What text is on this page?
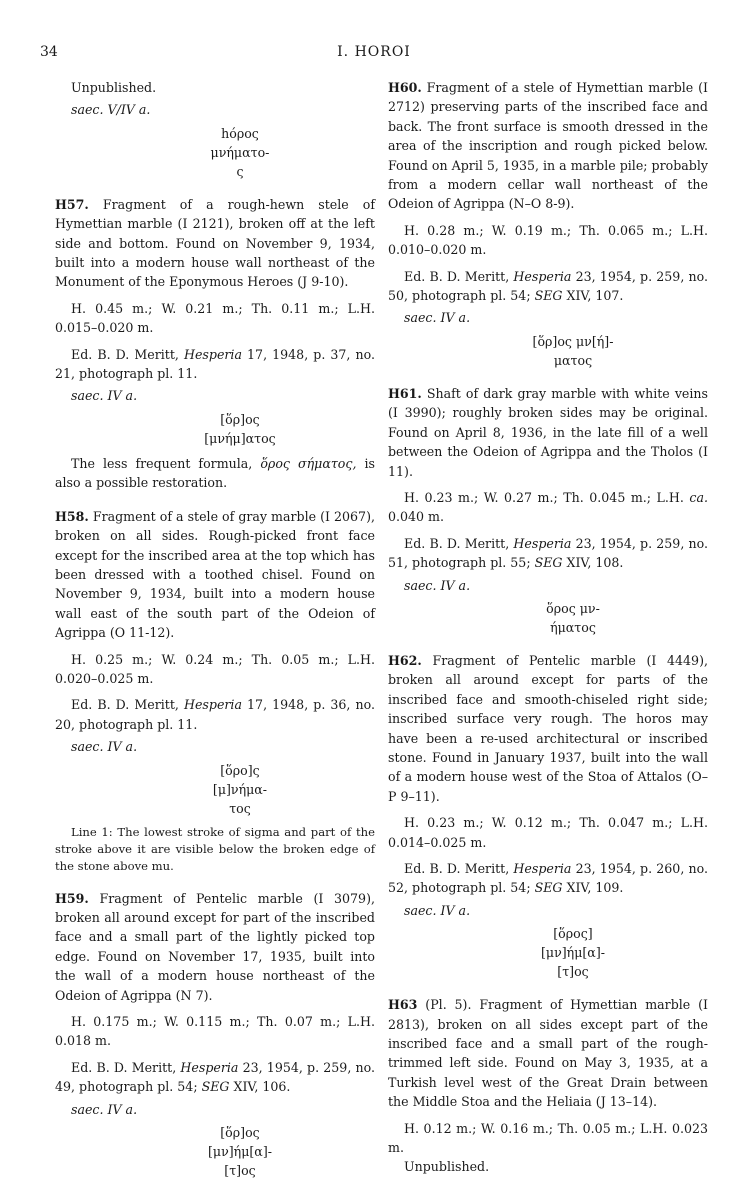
34	I. HOROI

Unpublished.

saec. V/IV a.

hόρος
μνήματο-
ς

H57. Fragment of a rough-hewn stele of Hymettian marble (I 2121), broken off at the left side and bottom. Found on November 9, 1934, built into a modern house wall northeast of the Monument of the Eponymous Heroes (J 9-10).

H. 0.45 m.; W. 0.21 m.; Th. 0.11 m.; L.H. 0.015–0.020 m.

Ed. B. D. Meritt, Hesperia 17, 1948, p. 37, no. 21, photograph pl. 11.

saec. IV a.

[ὅρ]ος
[μνήμ]ατος

The less frequent formula, ὅρος σήματος, is also a possible restoration.

H58. Fragment of a stele of gray marble (I 2067), broken on all sides. Rough-picked front face except for the inscribed area at the top which has been dressed with a toothed chisel. Found on November 9, 1934, built into a modern house wall east of the south part of the Odeion of Agrippa (O 11-12).

H. 0.25 m.; W. 0.24 m.; Th. 0.05 m.; L.H. 0.020–0.025 m.

Ed. B. D. Meritt, Hesperia 17, 1948, p. 36, no. 20, photograph pl. 11.

saec. IV a.

[ὅρο]ς
[μ]νήμα-
τος

Line 1: The lowest stroke of sigma and part of the stroke above it are visible below the broken edge of the stone above mu.

H59. Fragment of Pentelic marble (I 3079), broken all around except for part of the inscribed face and a small part of the lightly picked top edge. Found on November 17, 1935, built into the wall of a modern house northeast of the Odeion of Agrippa (N 7).

H. 0.175 m.; W. 0.115 m.; Th. 0.07 m.; L.H. 0.018 m.

Ed. B. D. Meritt, Hesperia 23, 1954, p. 259, no. 49, photograph pl. 54; SEG XIV, 106.

saec. IV a.

[ὅρ]ος
[μν]ήμ[α]-
[τ]ος

H60. Fragment of a stele of Hymettian marble (I 2712) preserving parts of the inscribed face and back. The front surface is smooth dressed in the area of the inscription and rough picked below. Found on April 5, 1935, in a marble pile; probably from a modern cellar wall northeast of the Odeion of Agrippa (N–O 8-9).

H. 0.28 m.; W. 0.19 m.; Th. 0.065 m.; L.H. 0.010–0.020 m.

Ed. B. D. Meritt, Hesperia 23, 1954, p. 259, no. 50, photograph pl. 54; SEG XIV, 107.

saec. IV a.

[ὅρ]ος μν[ή]-
ματος

H61. Shaft of dark gray marble with white veins (I 3990); roughly broken sides may be original. Found on April 8, 1936, in the late fill of a well between the Odeion of Agrippa and the Tholos (I 11).

H. 0.23 m.; W. 0.27 m.; Th. 0.045 m.; L.H. ca. 0.040 m.

Ed. B. D. Meritt, Hesperia 23, 1954, p. 259, no. 51, photograph pl. 55; SEG XIV, 108.

saec. IV a.

ὅρος μν-
ήματος

H62. Fragment of Pentelic marble (I 4449), broken all around except for parts of the inscribed face and smooth-chiseled right side; inscribed surface very rough. The horos may have been a re-used architectural or inscribed stone. Found in January 1937, built into the wall of a modern house west of the Stoa of Attalos (O–P 9–11).

H. 0.23 m.; W. 0.12 m.; Th. 0.047 m.; L.H. 0.014–0.025 m.

Ed. B. D. Meritt, Hesperia 23, 1954, p. 260, no. 52, photograph pl. 54; SEG XIV, 109.

saec. IV a.

[ὅρος]
[μν]ήμ[α]-
[τ]ος

H63 (Pl. 5). Fragment of Hymettian marble (I 2813), broken on all sides except part of the inscribed face and a small part of the rough-trimmed left side. Found on May 3, 1935, at a Turkish level west of the Great Drain between the Middle Stoa and the Heliaia (J 13–14).

H. 0.12 m.; W. 0.16 m.; Th. 0.05 m.; L.H. 0.023 m.

Unpublished.
